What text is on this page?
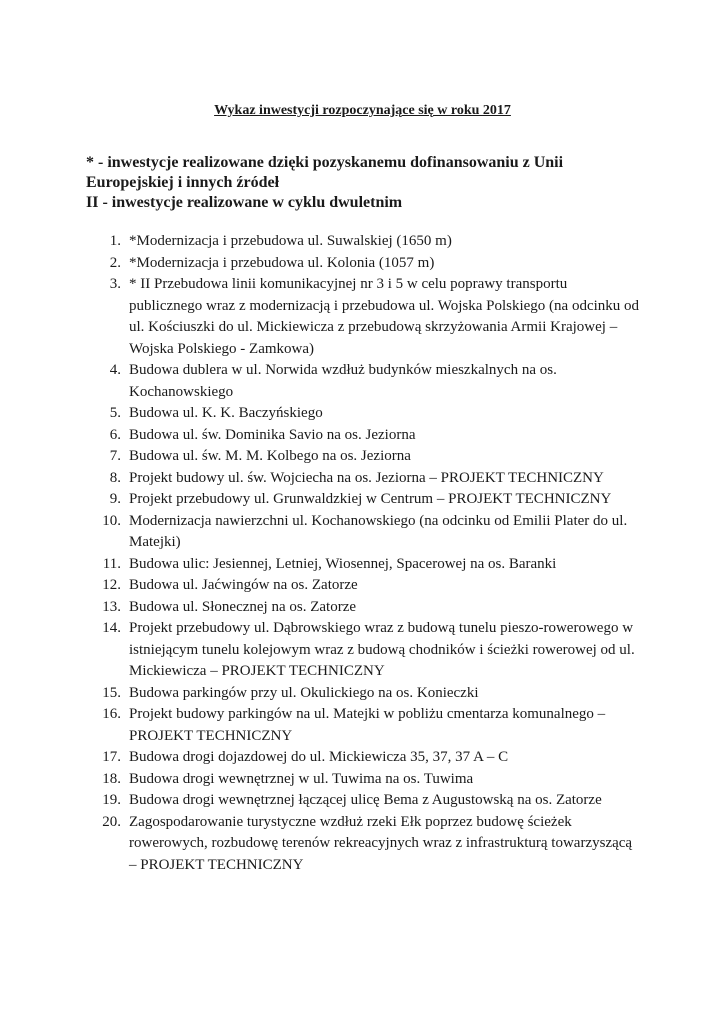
Wykaz inwestycji rozpoczynające się w roku 2017
* - inwestycje realizowane dzięki pozyskanemu dofinansowaniu z Unii Europejskiej i innych źródeł
II - inwestycje realizowane w cyklu dwuletnim
1. *Modernizacja i przebudowa ul. Suwalskiej (1650 m)
2. *Modernizacja i przebudowa ul. Kolonia (1057 m)
3. * II Przebudowa linii komunikacyjnej nr 3 i 5 w celu poprawy transportu publicznego wraz z modernizacją i przebudowa ul. Wojska Polskiego (na odcinku od ul. Kościuszki do ul. Mickiewicza z przebudową skrzyżowania Armii Krajowej – Wojska Polskiego - Zamkowa)
4. Budowa dublera w ul. Norwida wzdłuż budynków mieszkalnych na os. Kochanowskiego
5. Budowa ul. K. K. Baczyńskiego
6. Budowa ul. św. Dominika Savio na os. Jeziorna
7. Budowa ul. św. M. M. Kolbego na os. Jeziorna
8. Projekt budowy ul. św. Wojciecha na os. Jeziorna – PROJEKT TECHNICZNY
9. Projekt przebudowy ul. Grunwaldzkiej w Centrum – PROJEKT TECHNICZNY
10. Modernizacja nawierzchni ul. Kochanowskiego (na odcinku od Emilii Plater do ul. Matejki)
11. Budowa ulic: Jesiennej, Letniej, Wiosennej, Spacerowej na os. Baranki
12. Budowa ul. Jaćwingów na os. Zatorze
13. Budowa ul. Słonecznej na os. Zatorze
14. Projekt przebudowy ul. Dąbrowskiego wraz z budową tunelu pieszo-rowerowego w istniejącym tunelu kolejowym wraz z budową chodników i ścieżki rowerowej od ul. Mickiewicza – PROJEKT TECHNICZNY
15. Budowa parkingów przy ul. Okulickiego na os. Konieczki
16. Projekt budowy parkingów na ul. Matejki w pobliżu cmentarza komunalnego – PROJEKT TECHNICZNY
17. Budowa drogi dojazdowej do ul. Mickiewicza 35, 37, 37 A – C
18. Budowa drogi wewnętrznej w ul. Tuwima na os. Tuwima
19. Budowa drogi wewnętrznej łączącej ulicę Bema z Augustowską na os. Zatorze
20. Zagospodarowanie turystyczne wzdłuż rzeki Ełk poprzez budowę ścieżek rowerowych, rozbudowę terenów rekreacyjnych wraz z infrastrukturą towarzyszącą – PROJEKT TECHNICZNY
